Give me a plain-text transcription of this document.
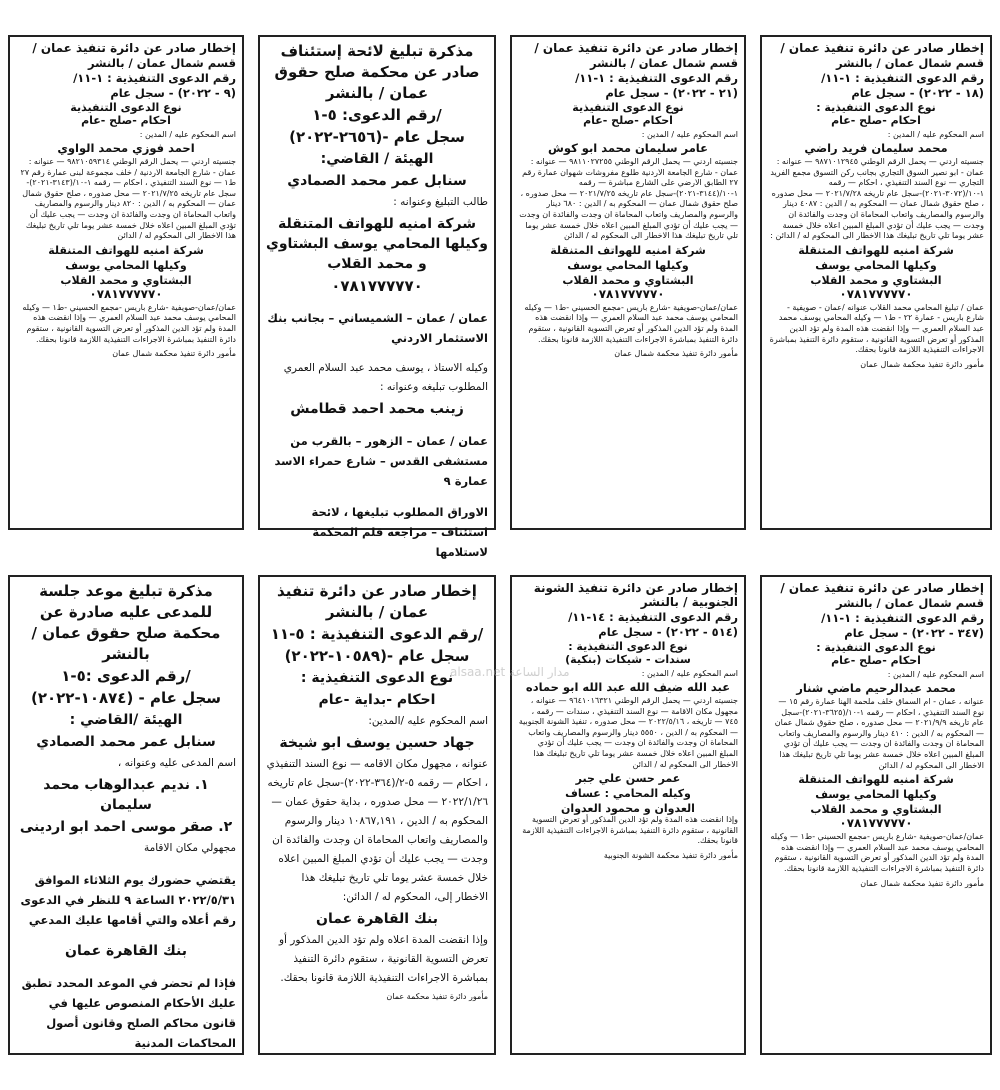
إخطار صادر عن دائرة تنفيذ عمان /

قسم شمال عمان / بالنشر

رقم الدعوى التنفيذية : ١-١١/

(١٨ - ٢٠٢٢) - سجل عام

نوع الدعوى التنفيذية :

احكام -صلح -عام

اسم المحكوم عليه / المدين :

محمد سليمان فريد راضي

جنسيته اردني — يحمل الرقم الوطني ٩٨٧١٠١٢٩٤٥ — عنوانه : عمان - ابو نصير السوق التجاري بجانب ركن التسوق مجمع الفريد التجاري — نوع السند التنفيذي ، احكام — رقمه ١-١٠/(٣٠٧٢-٢٠٢١)-سجل عام تاريخه ٢٠٢١/٧/٢٨ — محل صدوره ، صلح حقوق شمال عمان — المحكوم به / الدين : ٤٠٨٧ دينار والرسوم والمصاريف واتعاب المحاماة ان وجدت والفائدة ان وجدت — يجب عليك أن تؤدي المبلغ المبين اعلاه خلال خمسة عشر يوما تلي تاريخ تبليغك هذا الاخطار الى المحكوم له / الدائن :

شركة امنيه للهواتف المتنقلة

وكيلها المحامي يوسف

البشتاوي و محمد القلاب

٠٧٨١٧٧٧٧٧٠

عمان / تبليغ المحامي محمد القلاب عنوانه /عمان - صويفية - شارع باريس - عمارة ٢٢ - ط١ — وكيله المحامي يوسف محمد عبد السلام العمري — وإذا انقضت هذه المدة ولم تؤد الدين المذكور أو تعرض التسوية القانونية ، ستقوم دائرة التنفيذ بمباشرة الاجراءات التنفيذية اللازمة قانونا بحقك.

مأمور دائرة تنفيذ محكمة شمال عمان

إخطار صادر عن دائرة تنفيذ عمان /

قسم شمال عمان / بالنشر

رقم الدعوى التنفيذية : ١-١١/

(٢١ - ٢٠٢٢) - سجل عام

نوع الدعوى التنفيذية

احكام -صلح -عام

اسم المحكوم عليه / المدين :

عامر سليمان محمد ابو كوش

جنسيته اردني — يحمل الرقم الوطني ٩٨١١٠٢٧٢٥٥ — عنوانه : عمان - شارع الجامعة الاردنية طلوع مفروشات شهوان عمارة رقم ٢٧ الطابق الارضي على الشارع مباشرة — رقمه ١-١٠/(٣١٤٤-٢٠٢١)-سجل عام تاريخه ٢٠٢١/٧/٢٥ — محل صدوره ، صلح حقوق شمال عمان — المحكوم به / الدين : ٦٨٠ دينار والرسوم والمصاريف واتعاب المحاماة ان وجدت والفائدة ان وجدت — يجب عليك أن تؤدي المبلغ المبين اعلاه خلال خمسة عشر يوما تلي تاريخ تبليغك هذا الاخطار الى المحكوم له / الدائن

شركة امنيه للهواتف المتنقلة

وكيلها المحامي يوسف

البشتاوي و محمد القلاب

٠٧٨١٧٧٧٧٧٠

عمان/عمان-صويفية -شارع باريس -مجمع الحسيني -ط١ — وكيله المحامي يوسف محمد عبد السلام العمري — وإذا انقضت هذه المدة ولم تؤد الدين المذكور أو تعرض التسوية القانونية ، ستقوم دائرة التنفيذ بمباشرة الاجراءات التنفيذية اللازمة قانونا بحقك.

مأمور دائرة تنفيذ محكمة شمال عمان

مذكرة تبليغ لائحة إستئناف صادر عن محكمة صلح حقوق عمان / بالنشر

رقم الدعوى: ٥-١/

(٢٦٥٦-٢٠٢٢)- سجل عام

الهيئة / القاضي:

سنابل عمر محمد الصمادي

طالب التبليغ وعنوانه :

شركة امنيه للهواتف المتنقلة وكيلها المحامي يوسف البشتاوي و محمد القلاب

٠٧٨١٧٧٧٧٧٠

عمان / عمان – الشميساني – بجانب بنك الاستثمار الاردني

وكيله الاستاذ ، يوسف محمد عبد السلام العمري

المطلوب تبليغه وعنوانه :

زينب محمد احمد قطامش

عمان / عمان – الزهور – بالقرب من مستشفى القدس – شارع حمراء الاسد عمارة ٩

الاوراق المطلوب تبليغها ، لائحة استئناف – مراجعه قلم المحكمة لاستلامها

إخطار صادر عن دائرة تنفيذ عمان /

قسم شمال عمان / بالنشر

رقم الدعوى التنفيذية : ١-١١/

(٩ - ٢٠٢٢) - سجل عام

نوع الدعوى التنفيذية

احكام -صلح -عام

اسم المحكوم عليه / المدين :

احمد فوزي محمد الواوي

جنسيته اردني — يحمل الرقم الوطني ٩٨٢١٠٥٩٣١٤ — عنوانه : عمان - شارع الجامعة الاردنية / خلف مجموعة لبنى عمارة رقم ٢٧ ط١ — نوع السند التنفيذي ، احكام — رقمه ١-١٠/(٣١٤٣-٢٠٢١)-سجل عام تاريخه ٢٠٢١/٧/٢٥ — محل صدوره ، صلح حقوق شمال عمان — المحكوم به / الدين : ٨٢٠ دينار والرسوم والمصاريف واتعاب المحاماة ان وجدت والفائدة ان وجدت — يجب عليك أن تؤدي المبلغ المبين اعلاه خلال خمسة عشر يوما تلي تاريخ تبليغك هذا الاخطار الى المحكوم له / الدائن

شركة امنيه للهواتف المتنقلة

وكيلها المحامي يوسف

البشتاوي و محمد القلاب

٠٧٨١٧٧٧٧٧٠

عمان/عمان-صويفية -شارع باريس -مجمع الحسيني -ط١ — وكيله المحامي يوسف محمد عبد السلام العمري — وإذا انقضت هذه المدة ولم تؤد الدين المذكور أو تعرض التسوية القانونية ، ستقوم دائرة التنفيذ بمباشرة الاجراءات التنفيذية اللازمة قانونا بحقك.

مأمور دائرة تنفيذ محكمة شمال عمان

إخطار صادر عن دائرة تنفيذ عمان /

قسم شمال عمان / بالنشر

رقم الدعوى التنفيذية : ١-١١/

(٣٤٧ - ٢٠٢٢) - سجل عام

نوع الدعوى التنفيذية :

احكام -صلح -عام

اسم المحكوم عليه / المدين :

محمد عبدالرحيم ماضي شنار

عنوانه ، عمان - ام السماق خلف ملحمة الهنا عمارة رقم ١٥ — نوع السند التنفيذي ، احكام — رقمه ١-١٠/(٣٦٢٥-٢٠٢١)-سجل عام تاريخه ٢٠٢١/٩/٩ — محل صدوره ، صلح حقوق شمال عمان — المحكوم به / الدين : ٤١٠ دينار والرسوم والمصاريف واتعاب المحاماة ان وجدت والفائدة ان وجدت — يجب عليك أن تؤدي المبلغ المبين اعلاه خلال خمسة عشر يوما تلي تاريخ تبليغك هذا الاخطار الى المحكوم له / الدائن

شركة امنيه للهواتف المتنقلة

وكيلها المحامي يوسف

البشتاوي و محمد القلاب

٠٧٨١٧٧٧٧٧٠

عمان/عمان-صويفية -شارع باريس -مجمع الحسيني -ط١ — وكيله المحامي يوسف محمد عبد السلام العمري — وإذا انقضت هذه المدة ولم تؤد الدين المذكور أو تعرض التسوية القانونية ، ستقوم دائرة التنفيذ بمباشرة الاجراءات التنفيذية اللازمة قانونا بحقك.

مأمور دائرة تنفيذ محكمة شمال عمان

إخطار صادر عن دائرة تنفيذ الشونة الجنوبية / بالنشر

رقم الدعوى التنفيذية : ١٤-١١/

(٥١٤ - ٢٠٢٢) - سجل عام

نوع الدعوى التنفيذية :

سندات - شيكات (بنكية)

اسم المحكوم عليه / المدين :

عبد الله ضيف الله عبد الله ابو حماده

جنسيته اردني — يحمل الرقم الوطني ٩٦٤١٠١٦٣٢١ — عنوانه ، مجهول مكان الاقامة — نوع السند التنفيذي ، سندات — رقمه ، ٧٤٥ — تاريخه ، ٢٠٢٢/٥/١٦ — محل صدوره ، تنفيذ الشونة الجنوبية — المحكوم به / الدين ، ٥٥٥٠ دينار والرسوم والمصاريف واتعاب المحاماة ان وجدت والفائدة ان وجدت — يجب عليك أن تؤدي المبلغ المبين اعلاه خلال خمسة عشر يوما تلي تاريخ تبليغك هذا الاخطار الى المحكوم له / الدائن

عمر حسن علي جبر

وكيله المحامي : عساف

العدوان و محمود العدوان

وإذا انقضت هذه المدة ولم تؤد الدين المذكور أو تعرض التسوية القانونية ، ستقوم دائرة التنفيذ بمباشرة الاجراءات التنفيذية اللازمة قانونا بحقك.

مأمور دائرة تنفيذ محكمة الشونة الجنوبية

إخطار صادر عن دائرة تنفيذ عمان / بالنشر

رقم الدعوى التنفيذية : ٥-١١/

(١٠٥٨٩-٢٠٢٢)- سجل عام

نوع الدعوى التنفيذية :

احكام -بداية -عام

اسم المحكوم عليه /المدين:

جهاد حسين يوسف ابو شيخة

عنوانه ، مجهول مكان الاقامه — نوع السند التنفيذي ، احكام — رقمه ٥-٢/(٣٦٤-٢٠٢٢)-سجل عام تاريخه ٢٠٢٢/١/٢٦ — محل صدوره ، بداية حقوق عمان — المحكوم به / الدين ، ١٠٨٦٧,١٩١ دينار والرسوم والمصاريف واتعاب المحاماة ان وجدت والفائدة ان وجدت — يجب عليك أن تؤدي المبلغ المبين اعلاه خلال خمسة عشر يوما تلي تاريخ تبليغك هذا الاخطار إلى، المحكوم له / الدائن:

بنك القاهرة عمان

وإذا انقضت المدة اعلاه ولم تؤد الدين المذكور أو تعرض التسوية القانونية ، ستقوم دائرة التنفيذ بمباشرة الاجراءات التنفيذية اللازمة قانونا بحقك.

مأمور دائرة تنفيذ محكمة عمان

مذكرة تبليغ موعد جلسة للمدعى عليه صادرة عن محكمة صلح حقوق عمان /بالنشر

رقم الدعوى :٥-١/

(١٠٨٧٤-٢٠٢٢) - سجل عام

الهيئة /القاضي :

سنابل عمر محمد الصمادي

اسم المدعى عليه وعنوانه ،

١. نديم عبدالوهاب محمد سليمان

٢. صقر موسى احمد ابو اردينى

مجهولي مكان الاقامة

يقتضي حضورك يوم الثلاثاء الموافق ٢٠٢٢/٥/٣١ الساعة ٩ للنظر في الدعوى رقم أعلاه والتي أقامها عليك المدعي

بنك القاهرة عمان

فإذا لم تحضر في الموعد المحدد تطبق عليك الأحكام المنصوص عليها في قانون محاكم الصلح وقانون أصول المحاكمات المدنية

مدار الساعة alsaa.net
